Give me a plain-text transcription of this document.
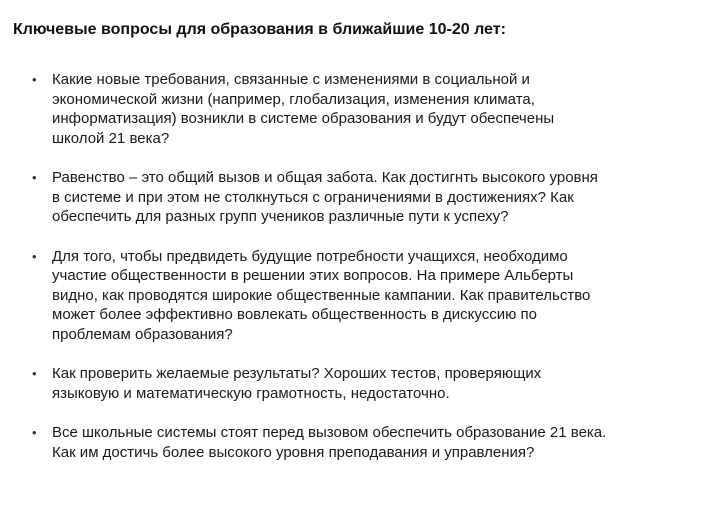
Ключевые вопросы для образования в ближайшие 10-20 лет:
• Какие новые требования, связанные с изменениями в социальной и
экономической жизни (например, глобализация, изменения климата,
информатизация) возникли в системе образования и будут обеспечены
школой 21 века?
• Равенство – это общий вызов и общая забота. Как достигнть высокого уровня
в системе и при этом не столкнуться с ограничениями в достижениях? Как
обеспечить для разных групп учеников различные пути к успеху?
• Для того, чтобы предвидеть будущие потребности учащихся, необходимо
участие общественности в решении этих вопросов. На примере Альберты
видно, как проводятся широкие общественные кампании. Как правительство
может более эффективно вовлекать общественность в дискуссию по
проблемам образования?
• Как проверить желаемые результаты? Хороших тестов, проверяющих
языковую и математическую грамотность, недостаточно.
• Все школьные системы стоят перед вызовом обеспечить образование 21 века.
Как им достичь более высокого уровня преподавания и управления?
